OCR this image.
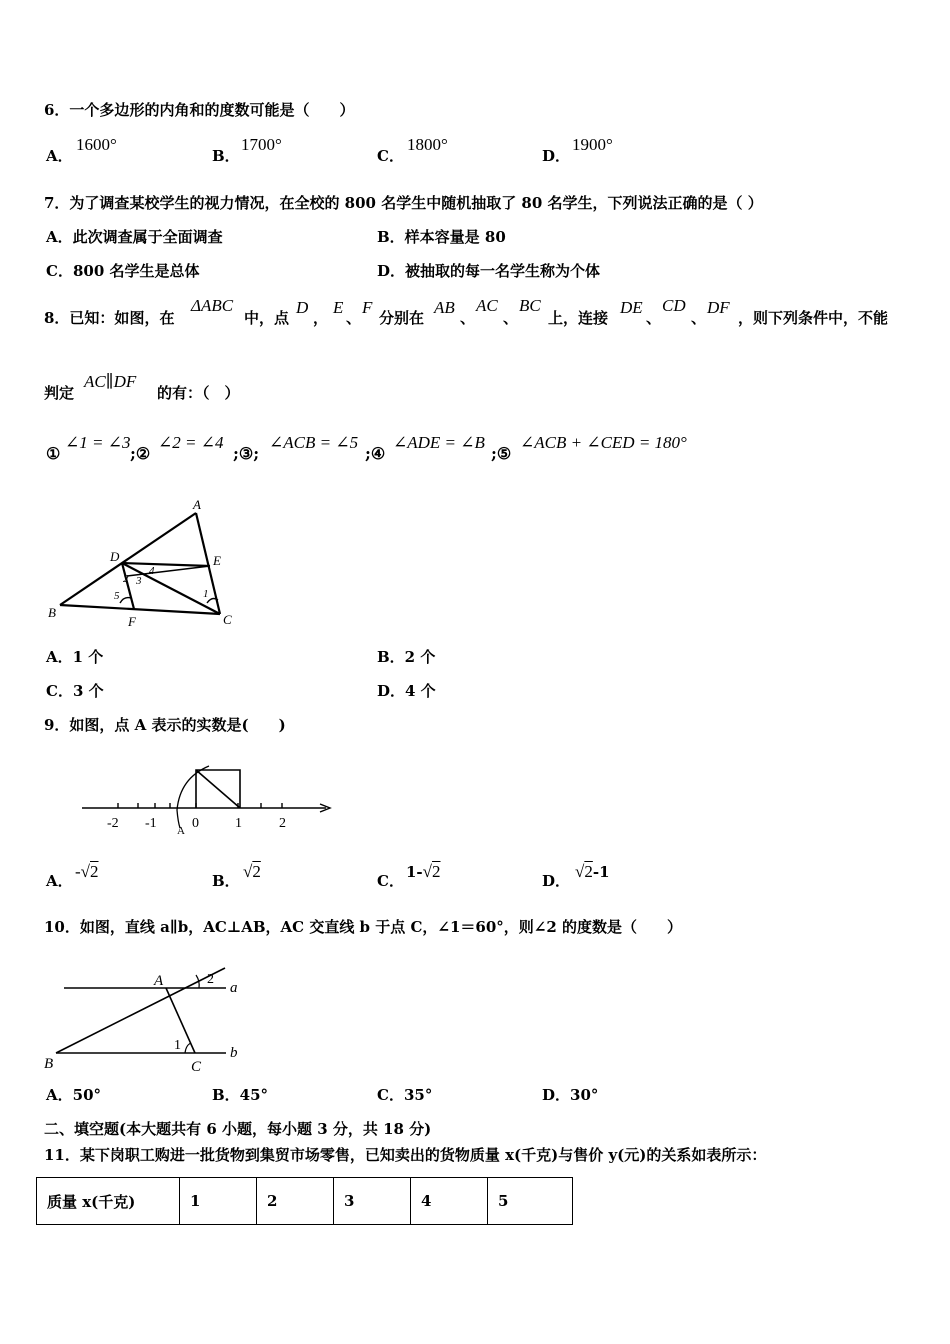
6．一个多边形的内角和的度数可能是（　　）
A．
1600°
B．
1700°
C．
1800°
D．
1900°
7．为了调查某校学生的视力情况，在全校的 800 名学生中随机抽取了 80 名学生，下列说法正确的是（ ）
A．此次调查属于全面调查	B．样本容量是 80
C．800 名学生是总体	D．被抽取的每一名学生称为个体
8．已知：如图，在
ΔABC
中，点
D
，
E
、
F
分别在
AB
、
AC
、
BC
上，连接
DE
、
CD
、
DF
，则下列条件中，不能
判定
AC∥DF
的有：（　）
①
∠1 = ∠3
;②
∠2 = ∠4
;③;
∠ACB = ∠5
;④
∠ADE = ∠B
;⑤
∠ACB + ∠CED = 180°
A
B	C
D	E
F
1
2 3
4
5
A．1 个	B．2 个
C．3 个	D．4 个
9．如图，点 A 表示的实数是(　　)
-2 -1	0	1	2
A
A． -√2	B． √2	C． 1-√2	D． √2-1
10．如图，直线 a∥b，AC⊥AB，AC 交直线 b 于点 C，∠1＝60°，则∠2 的度数是（　　）
A
B	C
a
b
1
2
A．50°	B．45°	C．35°	D．30°
二、填空题(本大题共有 6 小题，每小题 3 分，共 18 分)
11．某下岗职工购进一批货物到集贸市场零售，已知卖出的货物质量 x(千克)与售价 y(元)的关系如表所示：
质量 x(千克)	1	2	3	4	5
